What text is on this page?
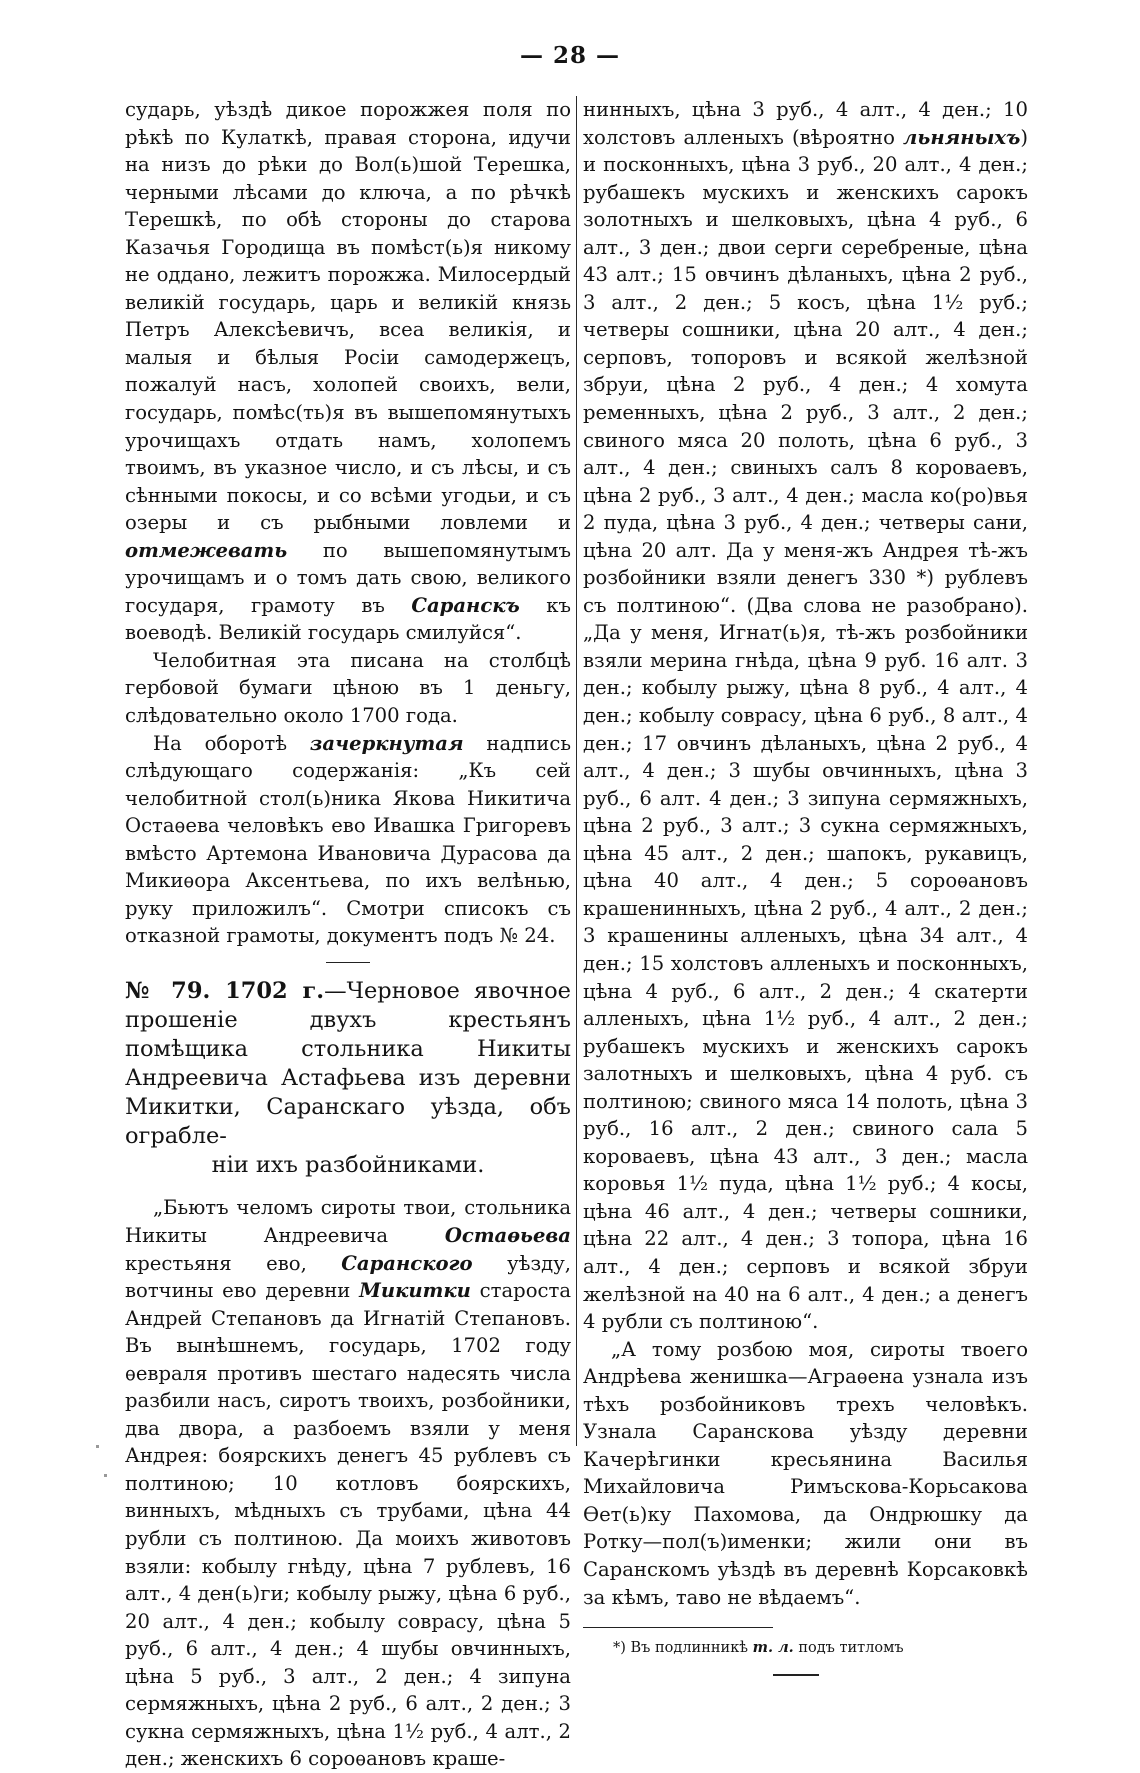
— 28 —

сударь, уѣздѣ дикое порожжея поля по рѣкѣ по Кулаткѣ, правая сторона, идучи на низъ до рѣки до Вол(ь)шой Терешка, черными лѣсами до ключа, а по рѣчкѣ Терешкѣ, по обѣ стороны до старова Казачья Городища въ помѣст(ь)я никому не оддано, лежитъ порожжа. Милосердый великій государь, царь и великій князь Петръ Алексѣевичъ, всеа великія, и малыя и бѣлыя Росіи самодержецъ, пожалуй насъ, холопей своихъ, вели, государь, помѣс(ть)я въ вышепомянутыхъ урочищахъ отдать намъ, холопемъ твоимъ, въ указное число, и съ лѣсы, и съ сѣнными покосы, и со всѣми угодьи, и съ озеры и съ рыбными ловлеми и отмежевать по вышепомянутымъ урочищамъ и о томъ дать свою, великого государя, грамоту въ Саранскъ къ воеводѣ. Великій государь смилуйся“.

Челобитная эта писана на столбцѣ гербовой бумаги цѣною въ 1 деньгу, слѣдовательно около 1700 года.

На оборотѣ зачеркнутая надпись слѣдующаго содержанія: „Къ сей челобитной стол(ь)ника Якова Никитича Остаѳева человѣкъ ево Ивашка Григоревъ вмѣсто Артемона Ивановича Дурасова да Микиѳора Аксентьева, по ихъ велѣнью, руку приложилъ“. Смотри списокъ съ отказной грамоты, документъ подъ № 24.

№ 79. 1702 г.—Черновое явочное прошеніе двухъ крестьянъ помѣщика стольника Никиты Андреевича Астафьева изъ деревни Микитки, Саранскаго уѣзда, объ ограбле-

ніи ихъ разбойниками.

„Бьютъ челомъ сироты твои, стольника Никиты Андреевича Остаѳьева крестьяня ево, Саранского уѣзду, вотчины ево деревни Микитки староста Андрей Степановъ да Игнатій Степановъ. Въ вынѣшнемъ, государь, 1702 году ѳевраля противъ шестаго надесять числа разбили насъ, сиротъ твоихъ, розбойники, два двора, а разбоемъ взяли у меня Андрея: боярскихъ денегъ 45 рублевъ съ полтиною; 10 котловъ боярскихъ, винныхъ, мѣдныхъ съ трубами, цѣна 44 рубли съ полтиною. Да моихъ животовъ взяли: кобылу гнѣду, цѣна 7 рублевъ, 16 алт., 4 ден(ь)ги; кобылу рыжу, цѣна 6 руб., 20 алт., 4 ден.; кобылу соврасу, цѣна 5 руб., 6 алт., 4 ден.; 4 шубы овчинныхъ, цѣна 5 руб., 3 алт., 2 ден.; 4 зипуна сермяжныхъ, цѣна 2 руб., 6 алт., 2 ден.; 3 сукна сермяжныхъ, цѣна 1½ руб., 4 алт., 2 ден.; женскихъ 6 сороѳановъ краше-

нинныхъ, цѣна 3 руб., 4 алт., 4 ден.; 10 холстовъ алленыхъ (вѣроятно льняныхъ) и посконныхъ, цѣна 3 руб., 20 алт., 4 ден.; рубашекъ мускихъ и женскихъ сарокъ золотныхъ и шелковыхъ, цѣна 4 руб., 6 алт., 3 ден.; двои серги серебреные, цѣна 43 алт.; 15 овчинъ дѣланыхъ, цѣна 2 руб., 3 алт., 2 ден.; 5 косъ, цѣна 1½ руб.; четверы сошники, цѣна 20 алт., 4 ден.; серповъ, топоровъ и всякой желѣзной збруи, цѣна 2 руб., 4 ден.; 4 хомута ременныхъ, цѣна 2 руб., 3 алт., 2 ден.; свиного мяса 20 полоть, цѣна 6 руб., 3 алт., 4 ден.; свиныхъ салъ 8 короваевъ, цѣна 2 руб., 3 алт., 4 ден.; масла ко(ро)вья 2 пуда, цѣна 3 руб., 4 ден.; четверы сани, цѣна 20 алт. Да у меня-жъ Андрея тѣ-жъ розбойники взяли денегъ 330 *) рублевъ съ полтиною“. (Два слова не разобрано). „Да у меня, Игнат(ь)я, тѣ-жъ розбойники взяли мерина гнѣда, цѣна 9 руб. 16 алт. 3 ден.; кобылу рыжу, цѣна 8 руб., 4 алт., 4 ден.; кобылу соврасу, цѣна 6 руб., 8 алт., 4 ден.; 17 овчинъ дѣланыхъ, цѣна 2 руб., 4 алт., 4 ден.; 3 шубы овчинныхъ, цѣна 3 руб., 6 алт. 4 ден.; 3 зипуна сермяжныхъ, цѣна 2 руб., 3 алт.; 3 сукна сермяжныхъ, цѣна 45 алт., 2 ден.; шапокъ, рукавицъ, цѣна 40 алт., 4 ден.; 5 сороѳановъ крашенинныхъ, цѣна 2 руб., 4 алт., 2 ден.; 3 крашенины алленыхъ, цѣна 34 алт., 4 ден.; 15 холстовъ алленыхъ и посконныхъ, цѣна 4 руб., 6 алт., 2 ден.; 4 скатерти алленыхъ, цѣна 1½ руб., 4 алт., 2 ден.; рубашекъ мускихъ и женскихъ сарокъ залотныхъ и шелковыхъ, цѣна 4 руб. съ полтиною; свиного мяса 14 полоть, цѣна 3 руб., 16 алт., 2 ден.; свиного сала 5 короваевъ, цѣна 43 алт., 3 ден.; масла коровья 1½ пуда, цѣна 1½ руб.; 4 косы, цѣна 46 алт., 4 ден.; четверы сошники, цѣна 22 алт., 4 ден.; 3 топора, цѣна 16 алт., 4 ден.; серповъ и всякой збруи желѣзной на 40 на 6 алт., 4 ден.; а денегъ 4 рубли съ полтиною“.

„А тому розбою моя, сироты твоего Андрѣева женишка—Аграѳена узнала изъ тѣхъ розбойниковъ трехъ человѣкъ. Узнала Саранскова уѣзду деревни Качерѣгинки кресьянина Василья Михайловича Римъскова-Корьсакова Ѳет(ь)ку Пахомова, да Ондрюшку да Ротку—пол(ъ)именки; жили они въ Саранскомъ уѣздѣ въ деревнѣ Корсаковкѣ за кѣмъ, таво не вѣдаемъ“.

*) Въ подлинникѣ т. л. подъ титломъ
